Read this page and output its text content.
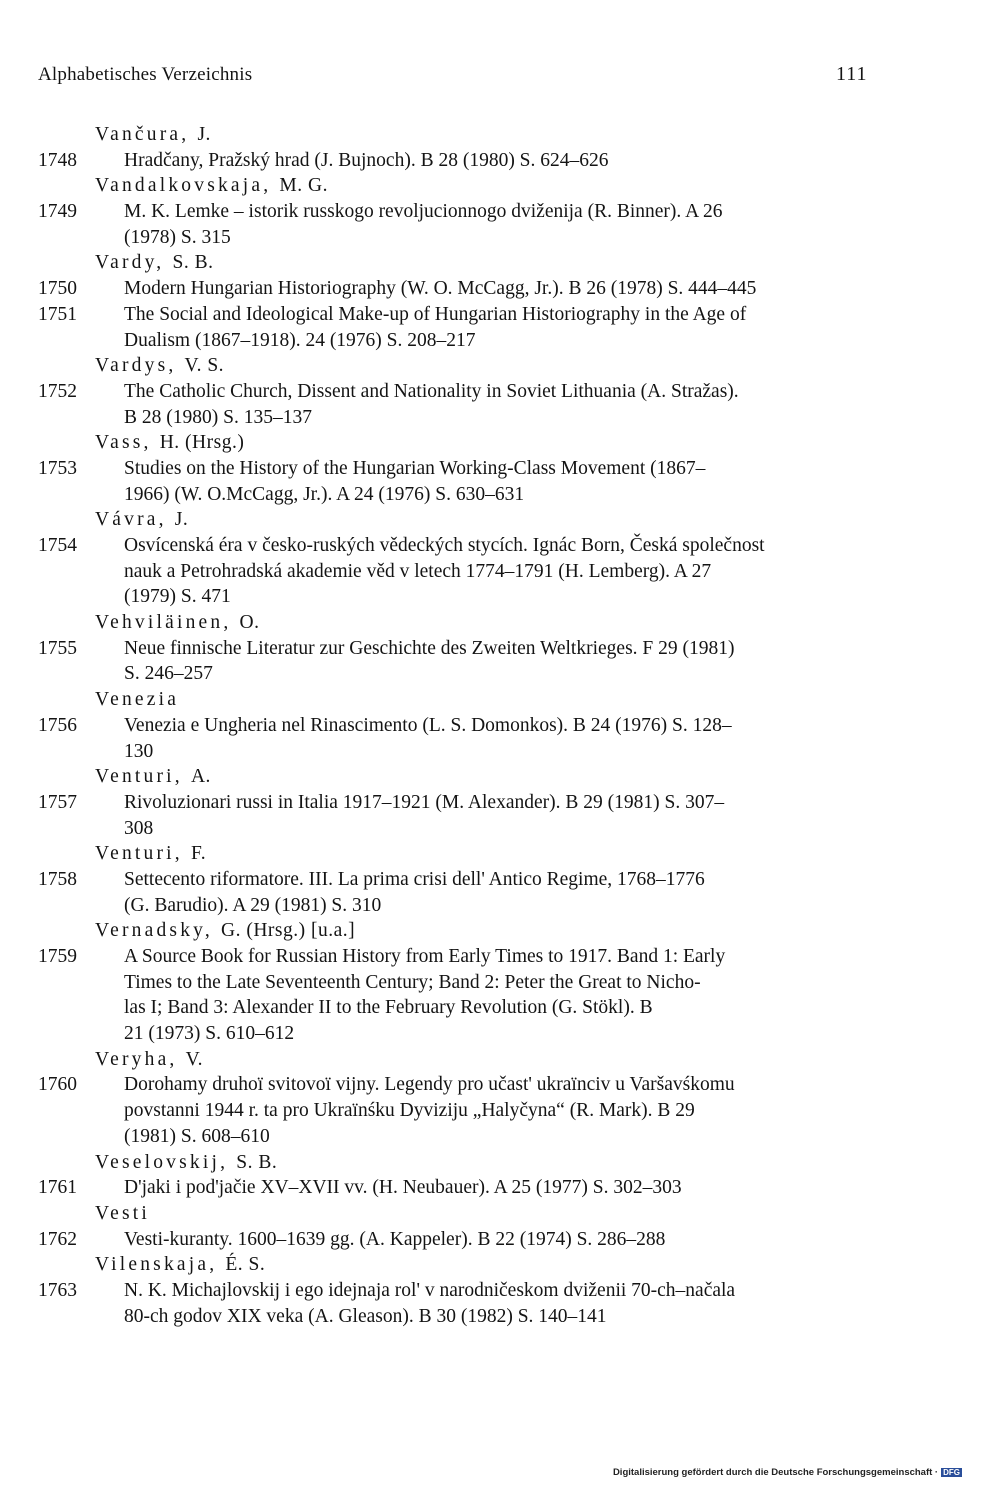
Alphabetisches Verzeichnis	111
Vančura, J.
1748	Hradčany, Pražský hrad (J. Bujnoch). B 28 (1980) S. 624–626
Vandalkovskaja, M. G.
1749	M. K. Lemke – istorik russkogo revoljucionnogo dviženija (R. Binner). A 26
(1978) S. 315
Vardy, S. B.
1750	Modern Hungarian Historiography (W. O. McCagg, Jr.). B 26 (1978) S. 444–445
1751	The Social and Ideological Make-up of Hungarian Historiography in the Age of
Dualism (1867–1918). 24 (1976) S. 208–217
Vardys, V. S.
1752	The Catholic Church, Dissent and Nationality in Soviet Lithuania (A. Stražas).
B 28 (1980) S. 135–137
Vass, H. (Hrsg.)
1753	Studies on the History of the Hungarian Working-Class Movement (1867–
1966) (W. O.McCagg, Jr.). A 24 (1976) S. 630–631
Vávra, J.
1754	Osvícenská éra v česko-ruských vědeckých stycích. Ignác Born, Česká společnost
nauk a Petrohradská akademie věd v letech 1774–1791 (H. Lemberg). A 27
(1979) S. 471
Vehviläinen, O.
1755	Neue finnische Literatur zur Geschichte des Zweiten Weltkrieges. F 29 (1981)
S. 246–257
Venezia
1756	Venezia e Ungheria nel Rinascimento (L. S. Domonkos). B 24 (1976) S. 128–
130
Venturi, A.
1757	Rivoluzionari russi in Italia 1917–1921 (M. Alexander). B 29 (1981) S. 307–
308
Venturi, F.
1758	Settecento riformatore. III. La prima crisi dell' Antico Regime, 1768–1776
(G. Barudio). A 29 (1981) S. 310
Vernadsky, G. (Hrsg.) [u.a.]
1759	A Source Book for Russian History from Early Times to 1917. Band 1: Early
Times to the Late Seventeenth Century; Band 2: Peter the Great to Nicho-
las I; Band 3: Alexander II to the February Revolution (G. Stökl). B
21 (1973) S. 610–612
Veryha, V.
1760	Dorohamy druhoï svitovoï vijny. Legendy pro učast' ukraïnciv u Varšavśkomu
povstanni 1944 r. ta pro Ukraïnśku Dyviziju „Halyčyna“ (R. Mark). B 29
(1981) S. 608–610
Veselovskij, S. B.
1761	D'jaki i pod'jačie XV–XVII vv. (H. Neubauer). A 25 (1977) S. 302–303
Vesti
1762	Vesti-kuranty. 1600–1639 gg. (A. Kappeler). B 22 (1974) S. 286–288
Vilenskaja, É. S.
1763	N. K. Michajlovskij i ego idejnaja rol' v narodničeskom dviženii 70-ch–načala
80-ch godov XIX veka (A. Gleason). B 30 (1982) S. 140–141
Digitalisierung gefördert durch die Deutsche Forschungsgemeinschaft · DFG
